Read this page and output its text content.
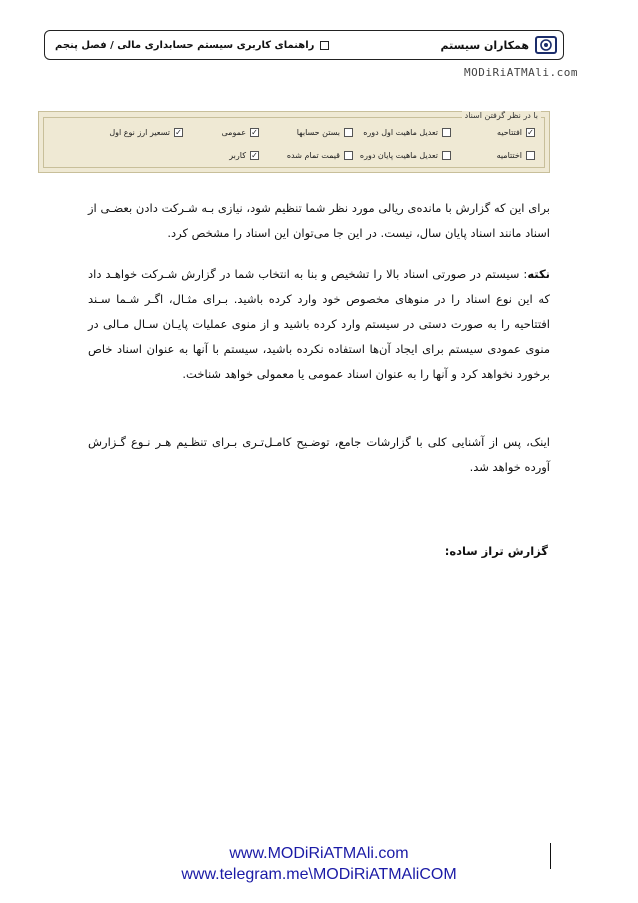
همکاران سیستم
راهنمای کاربری سیستم حسابداری مالی / فصل پنجم
MODiRiATMAli.com
با در نظر گرفتن اسناد
✓
افتتاحیه
تعدیل ماهیت اول دوره
بستن حسابها
✓
عمومی
✓
تسعیر ارز نوع اول
اختتامیه
تعدیل ماهیت پایان دوره
قیمت تمام شده
✓
کاربر

برای این که گزارش با مانده‌ی ریالی مورد نظر شما تنظیم شود، نیازی بـه شـرکت دادن بعضـی از اسناد مانند اسناد پایان سال، نیست. در این جا می‌توان این اسناد را مشخص کرد.

نکته: سیستم در صورتی اسناد بالا را تشخیص و بنا به انتخاب شما در گزارش شـرکت خواهـد داد که این نوع اسناد را در منوهای مخصوص خود وارد کرده باشید. بـرای مثـال، اگـر شـما سـند افتتاحیه را به صورت دستی در سیستم وارد کرده باشید و از منوی عملیات پایـان سـال مـالی در منوی عمودی سیستم برای ایجاد آن‌ها استفاده نکرده باشید، سیستم با آنها به عنوان اسناد خاص برخورد نخواهد کرد و آنها را به عنوان اسناد عمومی یا معمولی خواهد شناخت.

اینک، پس از آشنایی کلی با گزارشات جامع، توضـیح کامـل‌تـری بـرای تنظـیم هـر نـوع گـزارش آورده خواهد شد.

گزارش تراز ساده:
www.MODiRiATMAli.com
www.telegram.me\MODiRiATMAliCOM
